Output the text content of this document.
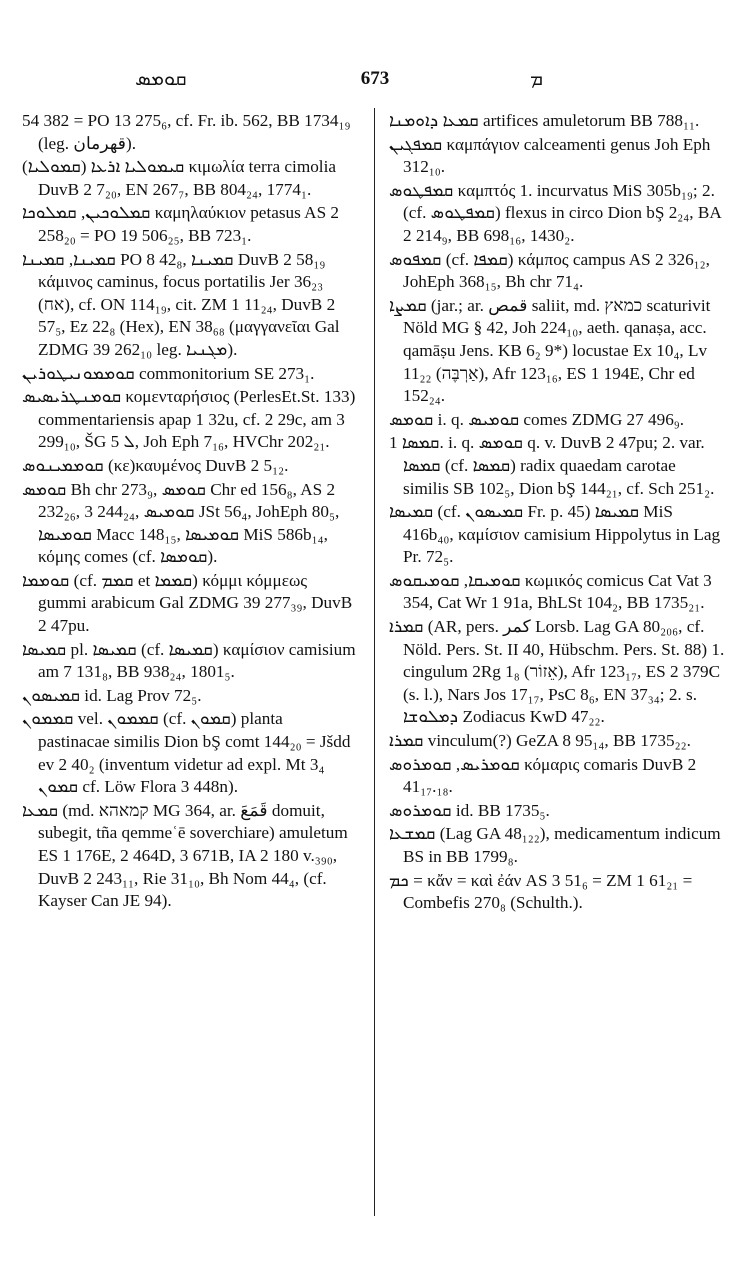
ܩܘܡܣ	673	ܡ

54 382 = PO 13 275₆, cf. Fr. ib. 562, BB 1734₁₉ (leg. قهرمان).

ܩܝܡܘܠܝܐ ܐܪܥܐ (ܩܡܘܠܝܐ) κιμωλία terra cimolia DuvB 2 7₂₀, EN 267₇, BB 804₂₄, 1774₁.

ܩܡܠܘܟܝܢ, ܩܡܠܘܟܐ καμηλαύκιον petasus AS 2 258₂₀ = PO 19 506₂₅, BB 723₁.

ܩܡܝܢܐ, ܩܡܝܢܐ PO 8 42₈, ܩܡܝܢܐ DuvB 2 58₁₉ κάμινος caminus, focus portatilis Jer 36₂₃ (אח), cf. ON 114₁₉, cit. ZM 1 11₂₄, DuvB 2 57₅, Ez 22₈ (Hex), EN 38₆₈ (μαγγανεῖαι Gal ZDMG 39 262₁₀ leg. ܡܓܢܝܐ).

ܩܘܡܡܘܢܝܛܘܪܝܢ commonitorium SE 273₁.

ܩܘܡܢܛܪܝܣܝܣ κομενταρήσιος (PerlesEt.St. 133) commentariensis apap 1 32u, cf. 2 29c, am 3 299₁₀, ŠG ܠ 5, Joh Eph 7₁₆, HVChr 202₂₁.

ܩܘܡܡܝܢܘܣ (κε)καυμένος DuvB 2 5₁₂.

ܩܘܡܣ Bh chr 273₉, ܩܘܡܣ Chr ed 156₈, AS 2 232₂₆, 3 244₂₄, ܩܘܡܝܣ JSt 56₄, JohEph 80₅, ܩܘܡܝܣܐ Macc 148₁₅, ܩܘܡܝܣܐ MiS 586b₁₄, κόμης comes (cf. ܩܘܡܣܐ).

ܩܘܡܡܐ (cf. ܩܡܡ et ܩܡܡܐ) κόμμι κόμμεως gummi arabicum Gal ZDMG 39 277₃₉, DuvB 2 47pu.

ܩܡܝܣܐ pl. ܩܡܝܣܐ (cf. ܩܡܝܣܐ) καμίσιον camisium am 7 131₈, BB 938₂₄, 1801₅.

ܩܡܝܣܘܢ id. Lag Prov 72₅.

ܩܡܡܘܢ vel. ܩܡܡܘܢ (cf. ܩܡܘܢ) planta pastinacae similis Dion bŞ comt 144₂₀ = Jšdd ev 2 40₂ (inventum videtur ad expl. Mt 3₄ ܩܡܘܢ cf. Löw Flora 3 448n).

ܩܡܥܐ (md. קמאהא MG 364, ar. قَمَعَ domuit, subegit, tña qemmeʿē soverchiare) amuletum ES 1 176E, 2 464D, 3 671B, IA 2 180 v.₃₉₀, DuvB 2 243₁₁, Rie 31₁₀, Bh Nom 44₄, (cf. Kayser Can JE 94).

ܩܡܥܐ ܕܐܘܡܢܐ artifices amuletorum BB 788₁₁.

ܩܡܦܓܝܢ καμπάγιον calceamenti genus Joh Eph 312₁₀.

ܩܡܦܛܘܣ καμπτός 1. incurvatus MiS 305b₁₉; 2. (cf. ܩܡܦܛܘܣ) flexus in circo Dion bŞ 2₂₄, BA 2 214₉, BB 698₁₆, 1430₂.

ܩܡܦܘܣ (cf. ܩܡܦܐ) κάμπος campus AS 2 326₁₂, JohEph 368₁₅, Bh chr 71₄.

ܩܡܨܐ (jar.; ar. قمص saliit, md. כמאץ scaturivit Nöld MG § 42, Joh 224₁₀, aeth. qanaṣa, acc. qamāṣu Jens. KB 6₂ 9*) locustae Ex 10₄, Lv 11₂₂ (אַרְבֶּה), Afr 123₁₆, ES 1 194E, Chr ed 152₂₄.

ܩܘܡܣ i. q. ܩܘܡܝܣ comes ZDMG 27 496₉.

ܩܡܣܐ 1. i. q. ܩܘܡܣ q. v. DuvB 2 47pu; 2. var. ܩܡܣܐ (cf. ܩܡܣܐ) radix quaedam carotae similis SB 102₅, Dion bŞ 144₂₁, cf. Sch 251₂.

ܩܡܝܣܐ (cf. ܩܡܝܣܘܢ Fr. p. 45) ܩܡܝܣܐ MiS 416b₄₀, καμίσιον camisium Hippolytus in Lag Pr. 72₅.

ܩܘܡܝܩܐ, ܩܘܡܝܩܘܣ κωμικός comicus Cat Vat 3 354, Cat Wr 1 91a, BhLSt 104₂, BB 1735₂₁.

ܩܡܪܐ (AR, pers. كمر Lorsb. Lag GA 80₂₀₆, cf. Nöld. Pers. St. II 40, Hübschm. Pers. St. 88) 1. cingulum 2Rg 1₈ (אֵזוֹר), Afr 123₁₇, ES 2 379C (s. l.), Nars Jos 17₁₇, PsC 8₆, EN 37₃₄; 2. s. ܕܡܠܘܫܐ Zodiacus KwD 47₂₂.

ܩܡܪܐ vinculum(?) GeZA 8 95₁₄, BB 1735₂₂.

ܩܘܡܪܝܣ, ܩܘܡܪܘܣ κόμαρις comaris DuvB 2 41₁₇.₁₈.

ܩܘܡܪܘܣ id. BB 1735₅.

ܩܡܫܥܐ (Lag GA 48₁₂₂), medicamentum indicum BS in BB 1799₈.

ܟܡ = κἄν = καὶ ἐάν AS 3 51₆ = ZM 1 61₂₁ = Combefis 270₈ (Schulth.).
